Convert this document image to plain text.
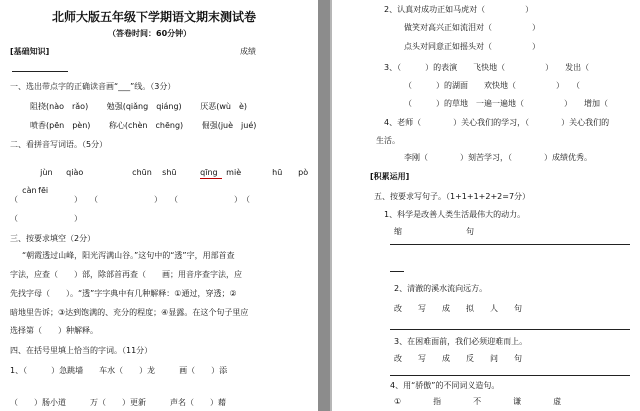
北师大版五年级下学期语文期末测试卷
（答卷时间：60分钟）
[基础知识]	成绩
一、选出带点字的正确读音画“___”线。（3分）
阻挠(nào　rǎo)　　 勉强(qiǎng　qiáng)　　 厌恶(wù　è)
喷香(pēn　pèn)　　 称心(chèn　chēng)　　 倔强(juè　jué)
二、看拼音写词语。（5分）

jùn qiào	chūn shū	qīng miè	hū pò

càn fēi

（　　　　　　　）　　（　　　　　　　）　　（　　　　　　　）　（
（　　　　　　　）
三、按要求填空（2分）
“朝霞透过山峰，阳光泻满山谷。”这句中的“透”字，用部首查
字法，应查（　　）部，除部首再查（　　画；用音序查字法，应
先找字母（　　）。“透”字字典中有几种解释：①通过，穿透；②
暗地里告诉；③达到饱满的、充分的程度；④显露。在这个句子里应
选择第（　　）种解释。
四、在括号里填上恰当的字词。（11分）
1、（　　　）急跳墙　　车水（　　）龙　　　画（　　）添
（　　）肠小道　　　万（　　）更新　　　声名（　　）藉
2、认真对成功正如马虎对（　　　　　）
做笑对高兴正如流泪对（　　　　　）
点头对同意正如摇头对（　　　　　）
3、（　　　）的表演　　飞快地（　　　　　）　　发出（　　
（　　　）的湖面　　欢快地（　　　　　）　　（　　　
（　　　）的草地　一遍一遍地（　　　　　）　　增加（　　
4、老师（　　　　）关心我们的学习，（　　　　）关心我们的
生活。
李刚（　　　　）刻苦学习，（　　　　）成绩优秀。
[积累运用]
五、按要求写句子。（1+1+1+2+2=7分）
1、科学是改善人类生活最伟大的动力。
缩　　　　　　　　句
2、清澈的溪水流向远方。
改　　写　　成　　拟　　人　　句
3、在困难面前，我们必须迎难而上。
改　　写　　成　　反　　问　　句
4、用“骄傲”的不同词义造句。
①　　　　指　　　　不　　　　谦　　　　虚
